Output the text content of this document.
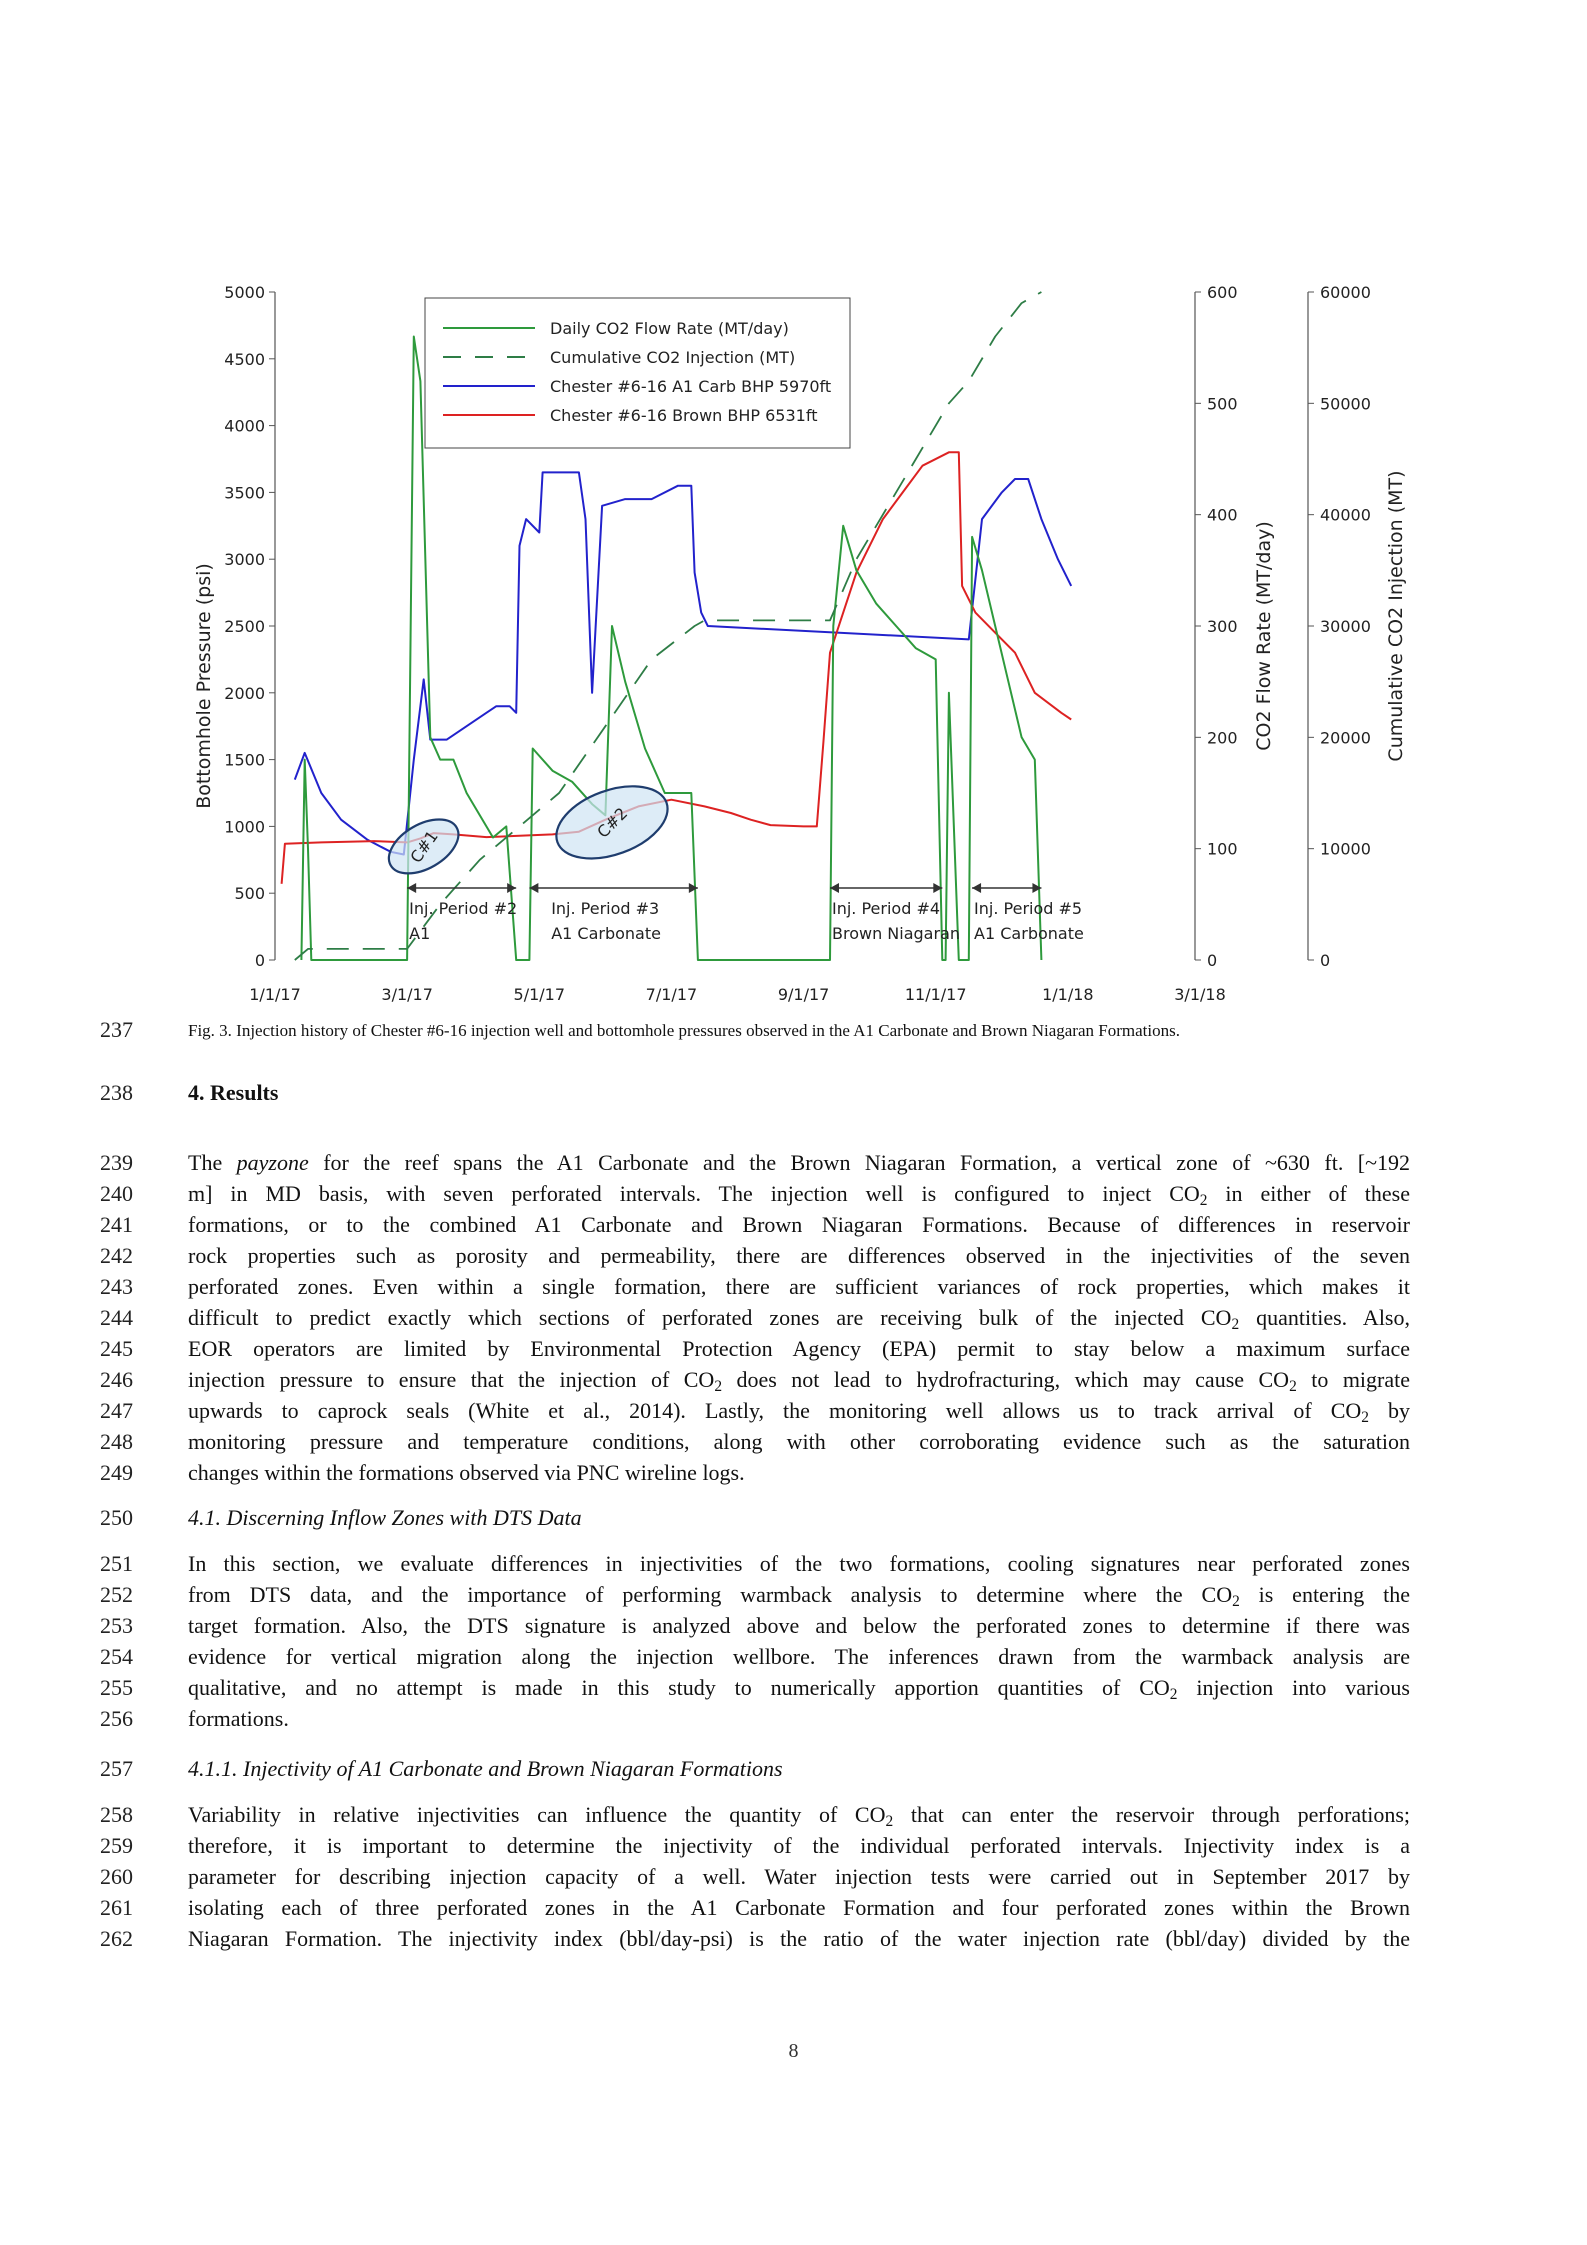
0
500
1000
1500
2000
2500
3000
3500
4000
4500
5000
Bottomhole Pressure (psi)
0
100
200
300
400
500
600
CO2 Flow Rate (MT/day)
0
10000
20000
30000
40000
50000
60000
Cumulative CO2 Injection (MT)
1/1/17	3/1/17	5/1/17	7/1/17	9/1/17	11/1/17	1/1/18	3/1/18
Daily CO2 Flow Rate (MT/day)
Cumulative CO2 Injection (MT)
Chester #6-16 A1 Carb BHP 5970ft
Chester #6-16 Brown BHP 6531ft
C#1
C#2
Inj. Period #2
A1
Inj. Period #3
A1 Carbonate
Inj. Period #4
Brown Niagaran
Inj. Period #5
A1 Carbonate
237	Fig. 3. Injection history of Chester #6-16 injection well and bottomhole pressures observed in the A1 Carbonate and Brown Niagaran Formations.
238	4. Results
239	The payzone for the reef spans the A1 Carbonate and the Brown Niagaran Formation, a vertical zone of ~630 ft. [~192
240	m] in MD basis, with seven perforated intervals. The injection well is configured to inject $CO_2$ in either of these
241	formations, or to the combined A1 Carbonate and Brown Niagaran Formations. Because of differences in reservoir
242	rock properties such as porosity and permeability, there are differences observed in the injectivities of the seven
243	perforated zones. Even within a single formation, there are sufficient variances of rock properties, which makes it
244	difficult to predict exactly which sections of perforated zones are receiving bulk of the injected $CO_2$ quantities. Also,
245	EOR operators are limited by Environmental Protection Agency (EPA) permit to stay below a maximum surface
246	injection pressure to ensure that the injection of $CO_2$ does not lead to hydrofracturing, which may cause $CO_2$ to migrate
247	upwards to caprock seals (White et al., 2014). Lastly, the monitoring well allows us to track arrival of $CO_2$ by
248	monitoring pressure and temperature conditions, along with other corroborating evidence such as the saturation
249	changes within the formations observed via PNC wireline logs.
250	4.1. Discerning Inflow Zones with DTS Data
251	In this section, we evaluate differences in injectivities of the two formations, cooling signatures near perforated zones
252	from DTS data, and the importance of performing warmback analysis to determine where the $CO_2$ is entering the
253	target formation. Also, the DTS signature is analyzed above and below the perforated zones to determine if there was
254	evidence for vertical migration along the injection wellbore. The inferences drawn from the warmback analysis are
255	qualitative, and no attempt is made in this study to numerically apportion quantities of $CO_2$ injection into various
256	formations.
257	4.1.1. Injectivity of A1 Carbonate and Brown Niagaran Formations
258	Variability in relative injectivities can influence the quantity of $CO_2$ that can enter the reservoir through perforations;
259	therefore, it is important to determine the injectivity of the individual perforated intervals. Injectivity index is a
260	parameter for describing injection capacity of a well. Water injection tests were carried out in September 2017 by
261	isolating each of three perforated zones in the A1 Carbonate Formation and four perforated zones within the Brown
262	Niagaran Formation. The injectivity index (bbl/day-psi) is the ratio of the water injection rate (bbl/day) divided by the
8
